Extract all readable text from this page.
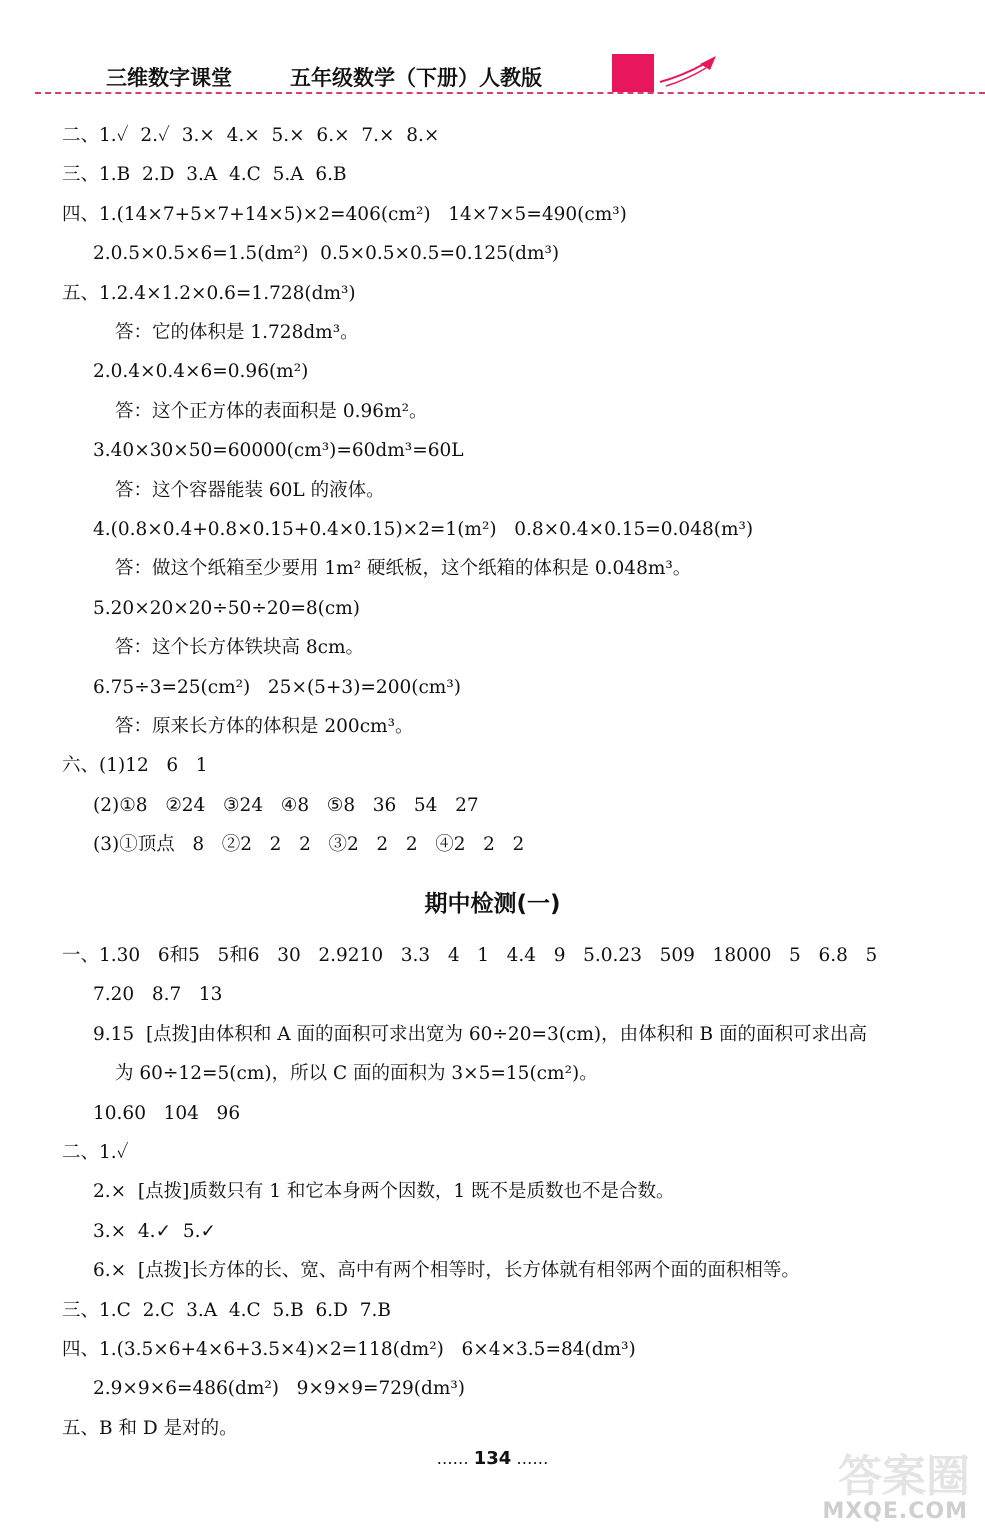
三维数字课堂	五年级数学（下册）人教版
二、1.✓  2.✓  3.×  4.×  5.×  6.×  7.×  8.×
三、1.B  2.D  3.A  4.C  5.A  6.B
四、1.(14×7+5×7+14×5)×2=406(cm²)   14×7×5=490(cm³)
2.0.5×0.5×6=1.5(dm²)  0.5×0.5×0.5=0.125(dm³)
五、1.2.4×1.2×0.6=1.728(dm³)
答：它的体积是 1.728dm³。
2.0.4×0.4×6=0.96(m²)
答：这个正方体的表面积是 0.96m²。
3.40×30×50=60000(cm³)=60dm³=60L
答：这个容器能装 60L 的液体。
4.(0.8×0.4+0.8×0.15+0.4×0.15)×2=1(m²)   0.8×0.4×0.15=0.048(m³)
答：做这个纸箱至少要用 1m² 硬纸板，这个纸箱的体积是 0.048m³。
5.20×20×20÷50÷20=8(cm)
答：这个长方体铁块高 8cm。
6.75÷3=25(cm²)   25×(5+3)=200(cm³)
答：原来长方体的体积是 200cm³。
六、(1)12   6   1
(2)①8   ②24   ③24   ④8   ⑤8   36   54   27
(3)①顶点   8   ②2   2   2   ③2   2   2   ④2   2   2
期中检测(一)
一、1.30   6和5   5和6   30   2.9210   3.3   4   1   4.4   9   5.0.23   509   18000   5   6.8   5
7.20   8.7   13
9.15  [点拨]由体积和 A 面的面积可求出宽为 60÷20=3(cm)，由体积和 B 面的面积可求出高
为 60÷12=5(cm)，所以 C 面的面积为 3×5=15(cm²)。
10.60   104   96
二、1.✓
2.×  [点拨]质数只有 1 和它本身两个因数，1 既不是质数也不是合数。
3.×  4.✓  5.✓
6.×  [点拨]长方体的长、宽、高中有两个相等时，长方体就有相邻两个面的面积相等。
三、1.C  2.C  3.A  4.C  5.B  6.D  7.B
四、1.(3.5×6+4×6+3.5×4)×2=118(dm²)   6×4×3.5=84(dm³)
2.9×9×6=486(dm²)   9×9×9=729(dm³)
五、B 和 D 是对的。
…… 134 ……	答案圈
MXQE.COM
